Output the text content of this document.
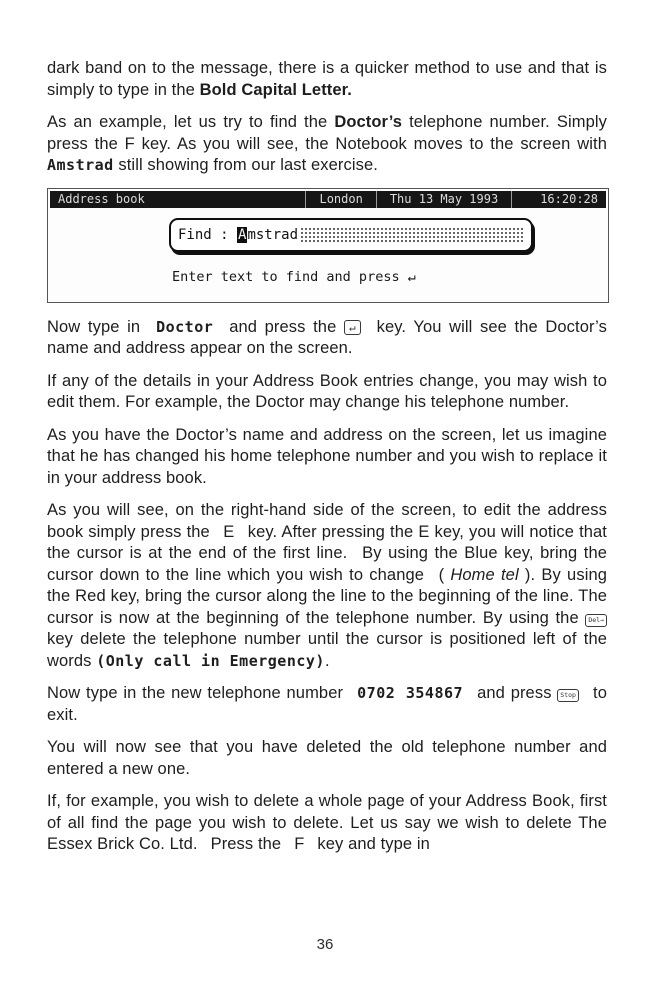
dark band on to the message, there is a quicker method to use and that is simply to type in the Bold Capital Letter.

As an example, let us try to find the Doctor’s telephone number. Simply press the F key. As you will see, the Notebook moves to the screen with Amstrad still showing from our last exercise.

Address book	London	Thu 13 May 1993	16:20:28
Find : A mstrad
Enter text to find and press ↵

Now type in  Doctor  and press the ↵  key. You will see the Doctor’s name and address appear on the screen.

If any of the details in your Address Book entries change, you may wish to edit them. For example, the Doctor may change his telephone number.

As you have the Doctor’s name and address on the screen, let us imagine that he has changed his home telephone number and you wish to replace it in your address book.

As you will see, on the right-hand side of the screen, to edit the address book simply press the  E  key. After pressing the E key, you will notice that the cursor is at the end of the first line.  By using the Blue key, bring the cursor down to the line which you wish to change  ( Home tel ). By using the Red key, bring the cursor along the line to the beginning of the line. The cursor is now at the beginning of the telephone number. By using the Del→ key delete the telephone number until the cursor is positioned left of the words (Only call in Emergency).

Now type in the new telephone number  0702 354867  and press Stop  to exit.

You will now see that you have deleted the old telephone number and entered a new one.

If, for example, you wish to delete a whole page of your Address Book, first of all find the page you wish to delete. Let us say we wish to delete The Essex Brick Co. Ltd.  Press the  F  key and type in

36
